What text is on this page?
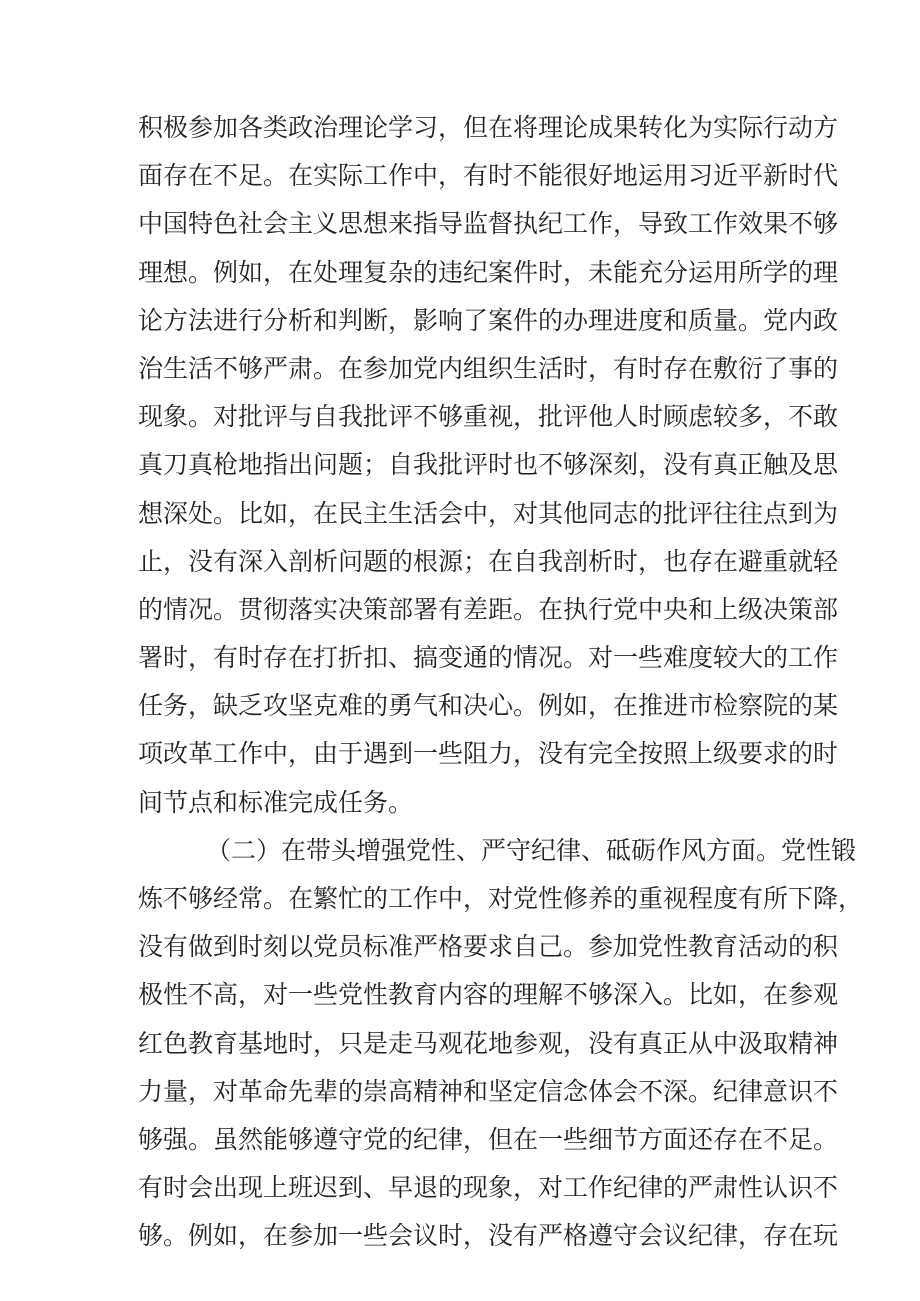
积极参加各类政治理论学习，但在将理论成果转化为实际行动方
面存在不足。在实际工作中，有时不能很好地运用习近平新时代
中国特色社会主义思想来指导监督执纪工作，导致工作效果不够
理想。例如，在处理复杂的违纪案件时，未能充分运用所学的理
论方法进行分析和判断，影响了案件的办理进度和质量。党内政
治生活不够严肃。在参加党内组织生活时，有时存在敷衍了事的
现象。对批评与自我批评不够重视，批评他人时顾虑较多，不敢
真刀真枪地指出问题；自我批评时也不够深刻，没有真正触及思
想深处。比如，在民主生活会中，对其他同志的批评往往点到为
止，没有深入剖析问题的根源；在自我剖析时，也存在避重就轻
的情况。贯彻落实决策部署有差距。在执行党中央和上级决策部
署时，有时存在打折扣、搞变通的情况。对一些难度较大的工作
任务，缺乏攻坚克难的勇气和决心。例如，在推进市检察院的某
项改革工作中，由于遇到一些阻力，没有完全按照上级要求的时
间节点和标准完成任务。
（二）在带头增强党性、严守纪律、砥砺作风方面。党性锻
炼不够经常。在繁忙的工作中，对党性修养的重视程度有所下降，
没有做到时刻以党员标准严格要求自己。参加党性教育活动的积
极性不高，对一些党性教育内容的理解不够深入。比如，在参观
红色教育基地时，只是走马观花地参观，没有真正从中汲取精神
力量，对革命先辈的崇高精神和坚定信念体会不深。纪律意识不
够强。虽然能够遵守党的纪律，但在一些细节方面还存在不足。
有时会出现上班迟到、早退的现象，对工作纪律的严肃性认识不
够。例如，在参加一些会议时，没有严格遵守会议纪律，存在玩
